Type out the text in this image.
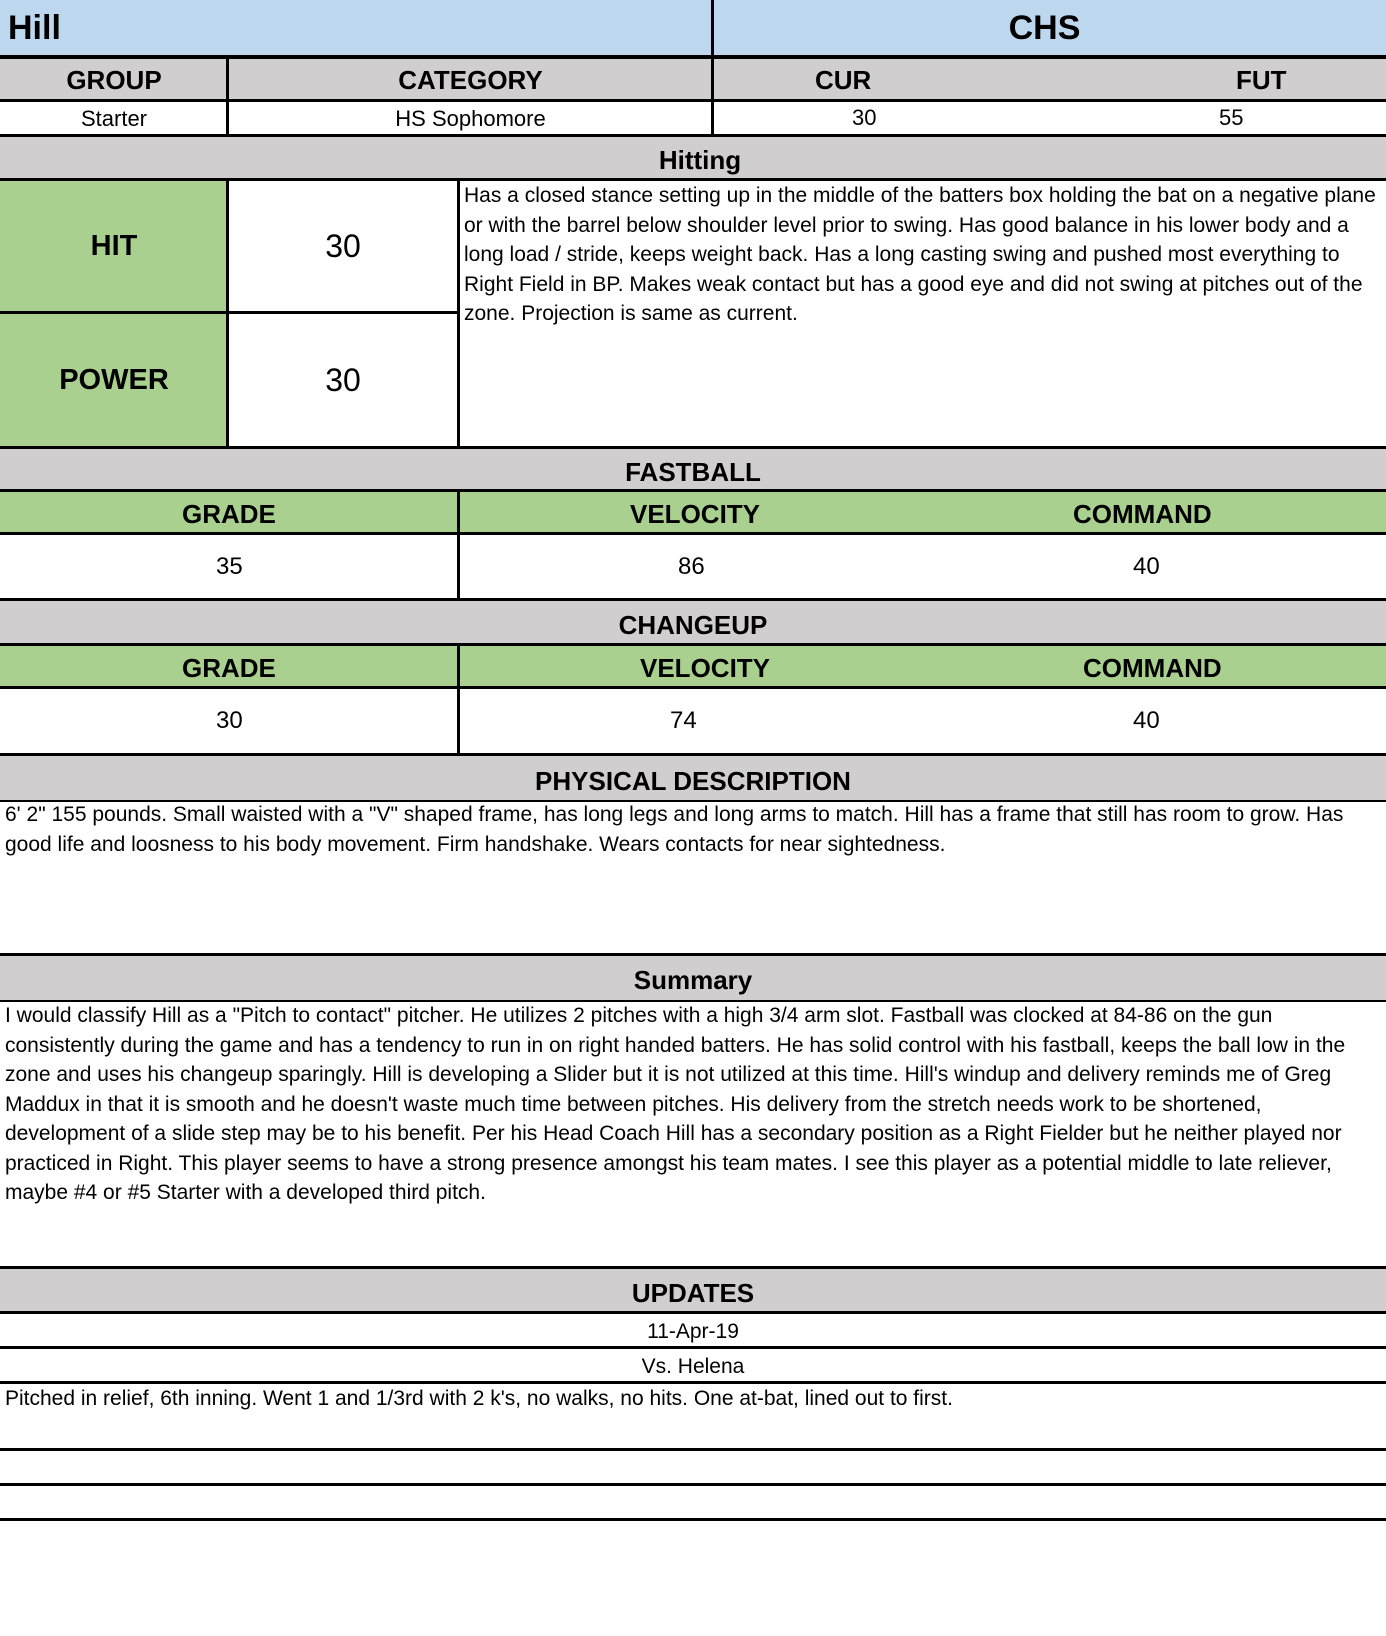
Hill	CHS
GROUP	CATEGORY	CUR	FUT
Starter	HS Sophomore	30	55
Hitting
HIT	30
POWER	30
Has a closed stance setting up in the middle of the batters box holding the bat on a negative plane or with the barrel below shoulder level prior to swing. Has good balance in his lower body and a long load / stride, keeps weight back. Has a long casting swing and pushed most everything to Right Field in BP. Makes weak contact but has a good eye and did not swing at pitches out of the zone. Projection is same as current.
FASTBALL
GRADE	VELOCITY	COMMAND
35	86	40
CHANGEUP
GRADE	VELOCITY	COMMAND
30	74	40
PHYSICAL DESCRIPTION
6' 2" 155 pounds. Small waisted with a "V" shaped frame, has long legs and long arms to match. Hill has a frame that still has room to grow. Has good life and loosness to his body movement. Firm handshake. Wears contacts for near sightedness.
Summary
I would classify Hill as a "Pitch to contact" pitcher. He utilizes 2 pitches with a high 3/4 arm slot. Fastball was clocked at 84-86 on the gun consistently during the game and has a tendency to run in on right handed batters. He has solid control with his fastball, keeps the ball low in the zone and uses his changeup sparingly. Hill is developing a Slider but it is not utilized at this time. Hill's windup and delivery reminds me of Greg Maddux in that it is smooth and he doesn't waste much time between pitches. His delivery from the stretch needs work to be shortened, development of a slide step may be to his benefit. Per his Head Coach Hill has a secondary position as a Right Fielder but he neither played nor practiced in Right. This player seems to have a strong presence amongst his team mates. I see this player as a potential middle to late reliever, maybe #4 or #5 Starter with a developed third pitch.
UPDATES
11-Apr-19
Vs. Helena
Pitched in relief, 6th inning. Went 1 and 1/3rd with 2 k's, no walks, no hits. One at-bat, lined out to first.
